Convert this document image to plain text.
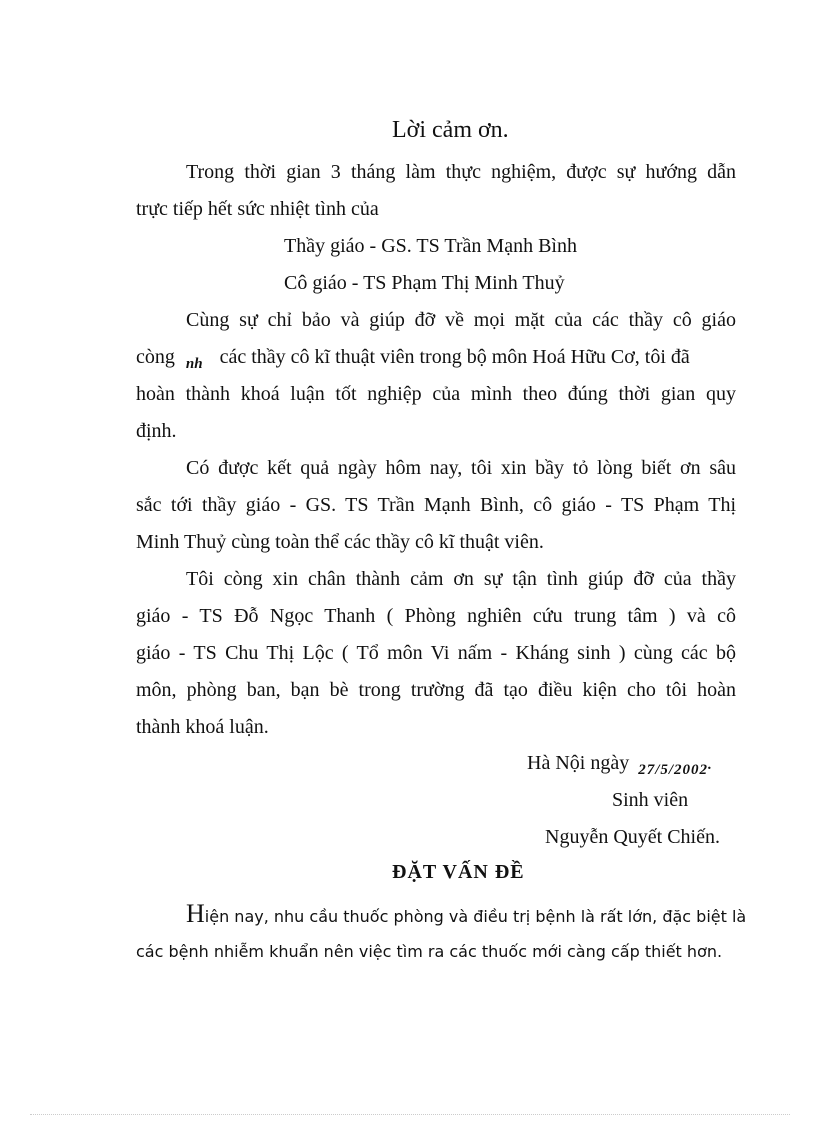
Lời cảm ơn.
Trong thời gian 3 tháng làm thực nghiệm, được sự hướng dẫn
trực tiếp hết sức nhiệt tình của
Thầy giáo - GS. TS Trần Mạnh Bình
Cô giáo - TS Phạm Thị Minh Thuỷ
Cùng sự chỉ bảo và giúp đỡ về mọi mặt của các thầy cô giáo
còng $_{nh}$ các thầy cô kĩ thuật viên trong bộ môn Hoá Hữu Cơ, tôi đã
hoàn thành khoá luận tốt nghiệp của mình theo đúng thời gian quy
định.
Có được kết quả ngày hôm nay, tôi xin bầy tỏ lòng biết ơn sâu
sắc tới thầy giáo - GS. TS Trần Mạnh Bình, cô giáo - TS Phạm Thị
Minh Thuỷ cùng toàn thể các thầy cô kĩ thuật viên.
Tôi còng xin chân thành cảm ơn sự tận tình giúp đỡ của thầy
giáo - TS Đỗ Ngọc Thanh ( Phòng nghiên cứu trung tâm ) và cô
giáo - TS Chu Thị Lộc ( Tổ môn Vi nấm - Kháng sinh ) cùng các bộ
môn, phòng ban, bạn bè trong trường đã tạo điều kiện cho tôi hoàn
thành khoá luận.
Hà Nội ngày $_{27/5/2002}$.
Sinh viên
Nguyễn Quyết Chiến.
ĐẶT VẤN ĐỀ
Hiện nay, nhu cầu thuốc phòng và điều trị bệnh là rất lớn, đặc biệt là
các bệnh nhiễm khuẩn nên việc tìm ra các thuốc mới càng cấp thiết hơn.
